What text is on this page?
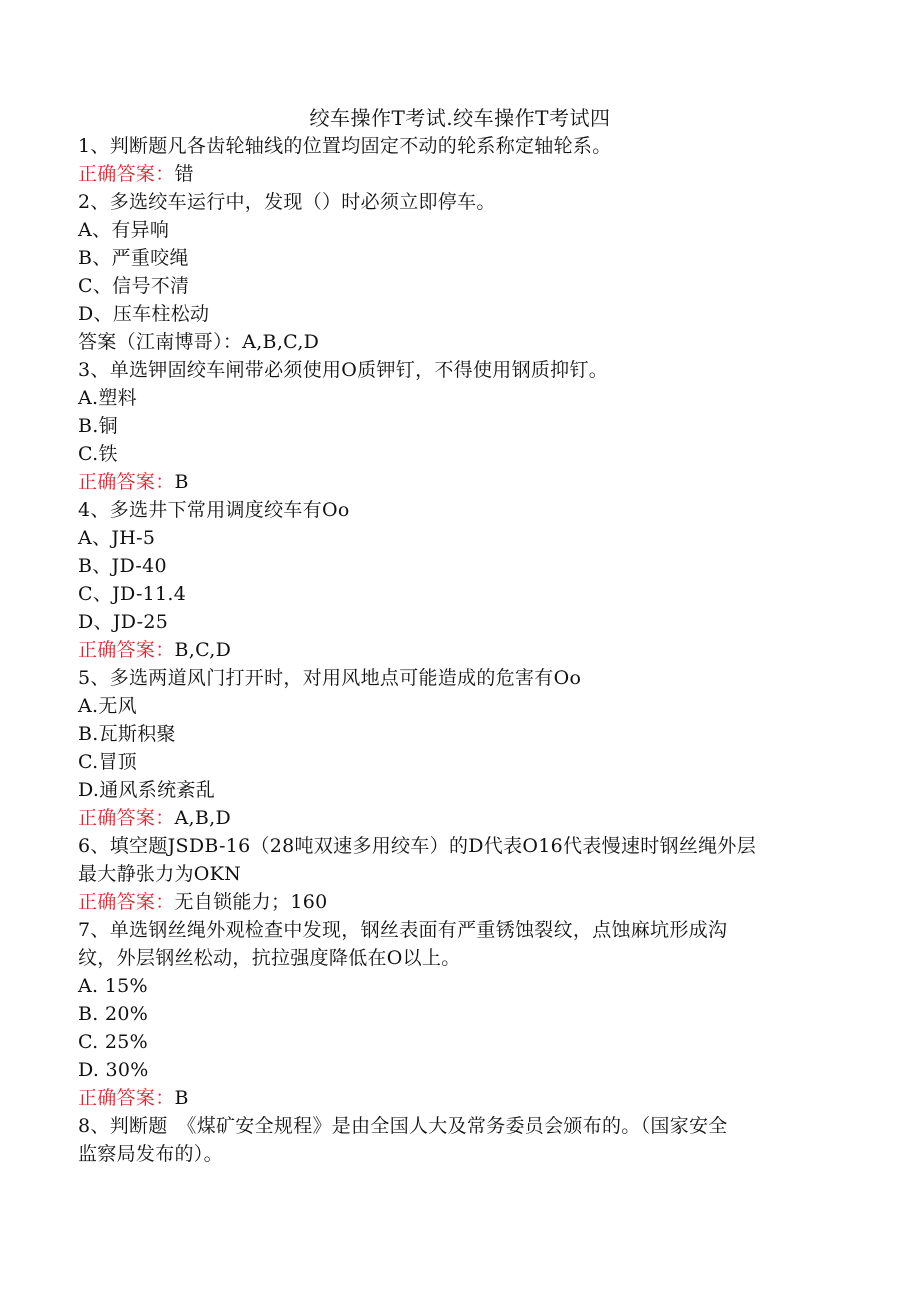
绞车操作T考试.绞车操作T考试四
1、判断题凡各齿轮轴线的位置均固定不动的轮系称定轴轮系。
正确答案：错
2、多选绞车运行中，发现（）时必须立即停车。
A、有异响
B、严重咬绳
C、信号不清
D、压车柱松动
答案（江南博哥）：A,B,C,D
3、单选钾固绞车闸带必须使用O质钾钉，不得使用钢质抑钉。
A.塑料
B.铜
C.铁
正确答案：B
4、多选井下常用调度绞车有Oo
A、JH-5
B、JD-40
C、JD-11.4
D、JD-25
正确答案：B,C,D
5、多选两道风门打开时，对用风地点可能造成的危害有Oo
A.无风
B.瓦斯积聚
C.冒顶
D.通风系统紊乱
正确答案：A,B,D
6、填空题JSDB-16（28吨双速多用绞车）的D代表O16代表慢速时钢丝绳外层
最大静张力为OKN
正确答案：无自锁能力；160
7、单选钢丝绳外观检查中发现，钢丝表面有严重锈蚀裂纹，点蚀麻坑形成沟
纹，外层钢丝松动，抗拉强度降低在O以上。
A. 15%
B. 20%
C. 25%
D. 30%
正确答案：B
8、判断题　《煤矿安全规程》是由全国人大及常务委员会颁布的。（国家安全
监察局发布的）。
